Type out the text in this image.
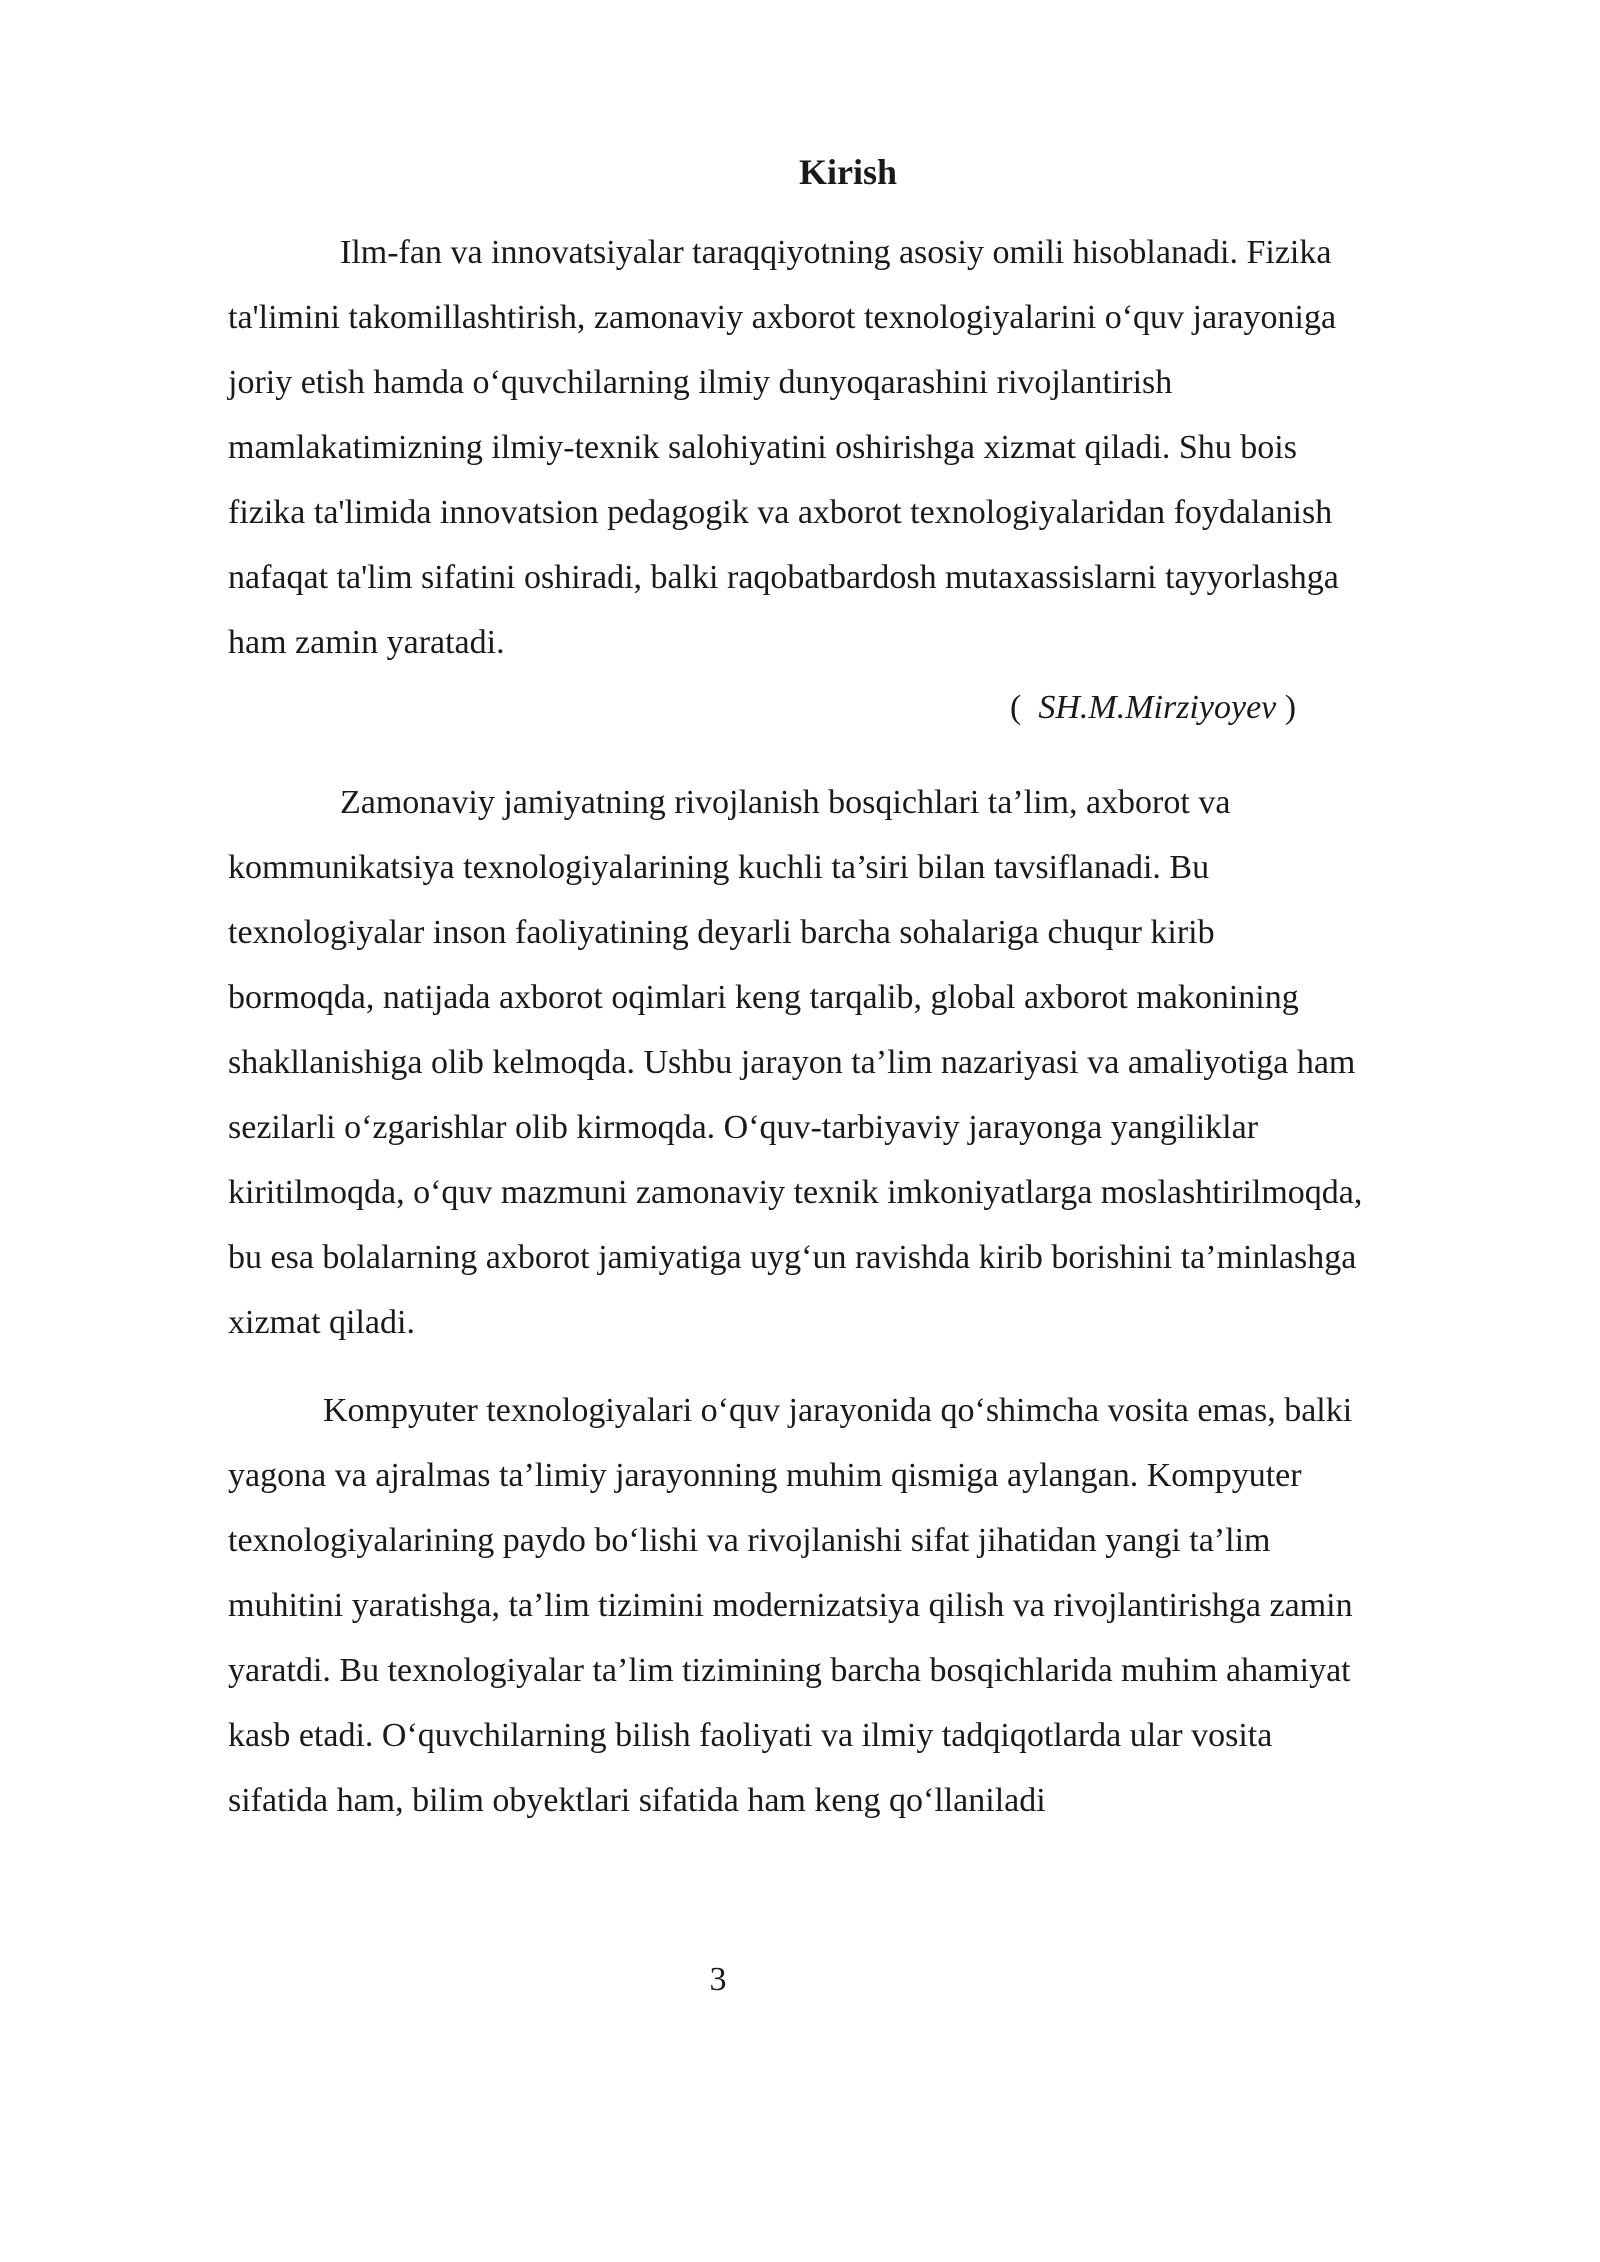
Kirish

Ilm-fan va innovatsiyalar taraqqiyotning asosiy omili hisoblanadi. Fizika
ta'limini takomillashtirish, zamonaviy axborot texnologiyalarini o‘quv jarayoniga
joriy etish hamda o‘quvchilarning ilmiy dunyoqarashini rivojlantirish
mamlakatimizning ilmiy-texnik salohiyatini oshirishga xizmat qiladi. Shu bois
fizika ta'limida innovatsion pedagogik va axborot texnologiyalaridan foydalanish
nafaqat ta'lim sifatini oshiradi, balki raqobatbardosh mutaxassislarni tayyorlashga
ham zamin yaratadi.

(  SH.M.Mirziyoyev )

Zamonaviy jamiyatning rivojlanish bosqichlari ta’lim, axborot va
kommunikatsiya texnologiyalarining kuchli ta’siri bilan tavsiflanadi. Bu
texnologiyalar inson faoliyatining deyarli barcha sohalariga chuqur kirib
bormoqda, natijada axborot oqimlari keng tarqalib, global axborot makonining
shakllanishiga olib kelmoqda. Ushbu jarayon ta’lim nazariyasi va amaliyotiga ham
sezilarli o‘zgarishlar olib kirmoqda. O‘quv-tarbiyaviy jarayonga yangiliklar
kiritilmoqda, o‘quv mazmuni zamonaviy texnik imkoniyatlarga moslashtirilmoqda,
bu esa bolalarning axborot jamiyatiga uyg‘un ravishda kirib borishini ta’minlashga
xizmat qiladi.

Kompyuter texnologiyalari o‘quv jarayonida qo‘shimcha vosita emas, balki
yagona va ajralmas ta’limiy jarayonning muhim qismiga aylangan. Kompyuter
texnologiyalarining paydo bo‘lishi va rivojlanishi sifat jihatidan yangi ta’lim
muhitini yaratishga, ta’lim tizimini modernizatsiya qilish va rivojlantirishga zamin
yaratdi. Bu texnologiyalar ta’lim tizimining barcha bosqichlarida muhim ahamiyat
kasb etadi. O‘quvchilarning bilish faoliyati va ilmiy tadqiqotlarda ular vosita
sifatida ham, bilim obyektlari sifatida ham keng qo‘llaniladi

3
